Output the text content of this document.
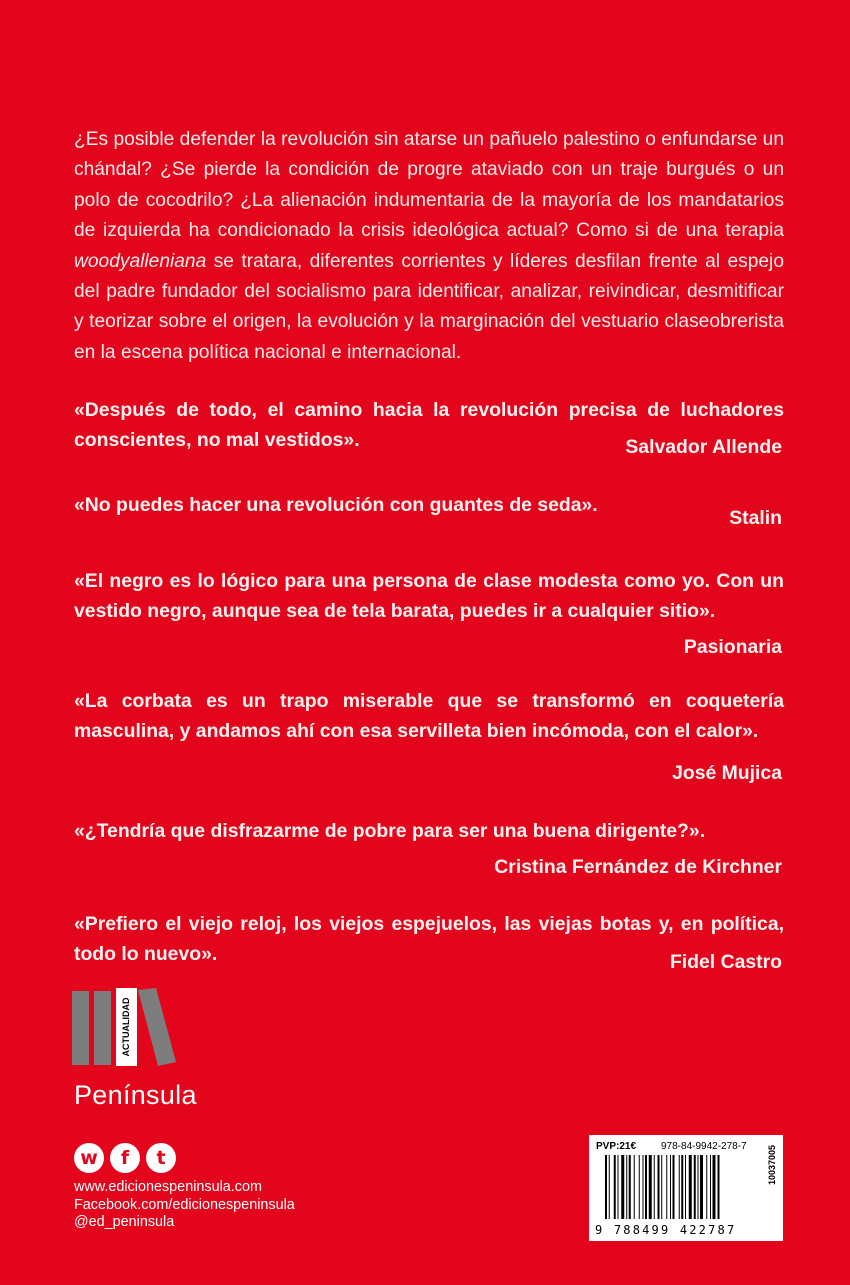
¿Es posible defender la revolución sin atarse un pañuelo palestino o enfundarse un chándal? ¿Se pierde la condición de progre ataviado con un traje burgués o un polo de cocodrilo? ¿La alienación indumentaria de la mayoría de los mandatarios de izquierda ha condicionado la crisis ideológica actual? Como si de una terapia woodyalleniana se tratara, diferentes corrientes y líderes desfilan frente al espejo del padre fundador del socialismo para identificar, analizar, reivindicar, desmitificar y teorizar sobre el origen, la evolución y la marginación del vestuario claseobrerista en la escena política nacional e internacional.
«Después de todo, el camino hacia la revolución precisa de luchadores conscientes, no mal vestidos».	Salvador Allende
«No puedes hacer una revolución con guantes de seda».
Stalin
«El negro es lo lógico para una persona de clase modesta como yo. Con un vestido negro, aunque sea de tela barata, puedes ir a cualquier sitio».
Pasionaria
«La corbata es un trapo miserable que se transformó en coquetería masculina, y andamos ahí con esa servilleta bien incómoda, con el calor».
José Mujica
«¿Tendría que disfrazarme de pobre para ser una buena dirigente?».
Cristina Fernández de Kirchner
«Prefiero el viejo reloj, los viejos espejuelos, las viejas botas y, en política, todo lo nuevo».	Fidel Castro
ACTUALIDAD
Península
w	f	t
www.edicionespeninsula.com
Facebook.com/edicionespeninsula
@ed_peninsula
PVP:21€ 978-84-9942-278-7 10037005
9 788499 422787
